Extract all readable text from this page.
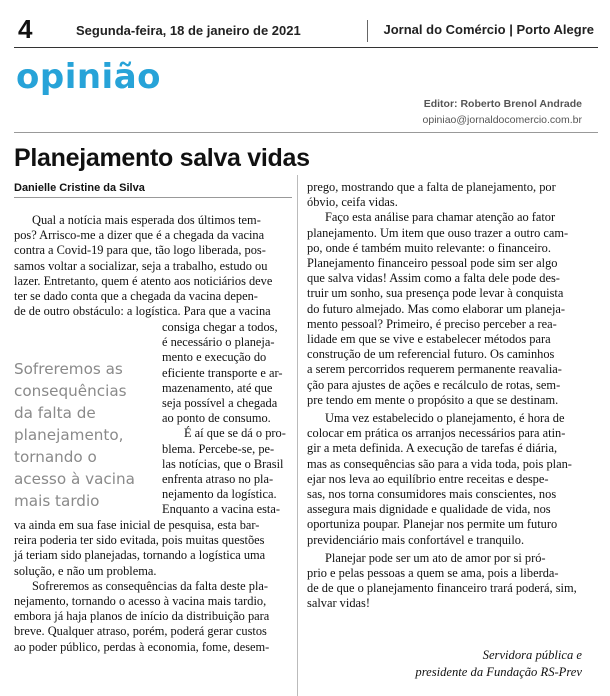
4	Segunda-feira, 18 de janeiro de 2021	Jornal do Comércio | Porto Alegre
opinião
Editor: Roberto Brenol Andrade
opiniao@jornaldocomercio.com.br
Planejamento salva vidas
Danielle Cristine da Silva
Qual a notícia mais esperada dos últimos tem-
pos? Arrisco-me a dizer que é a chegada da vacina
contra a Covid-19 para que, tão logo liberada, pos-
samos voltar a socializar, seja a trabalho, estudo ou
lazer. Entretanto, quem é atento aos noticiários deve
ter se dado conta que a chegada da vacina depen-
de de outro obstáculo: a logística. Para que a vacina
Sofreremos as consequências da falta de planejamento, tornando o acesso à vacina mais tardio
consiga chegar a todos,
é necessário o planeja-
mento e execução do
eficiente transporte e ar-
mazenamento, até que
seja possível a chegada
ao ponto de consumo.
É aí que se dá o pro-
blema. Percebe-se, pe-
las notícias, que o Brasil
enfrenta atraso no pla-
nejamento da logística.
Enquanto a vacina esta-
va ainda em sua fase inicial de pesquisa, esta bar-
reira poderia ter sido evitada, pois muitas questões
já teriam sido planejadas, tornando a logística uma
solução, e não um problema.
Sofreremos as consequências da falta deste pla-
nejamento, tornando o acesso à vacina mais tardio,
embora já haja planos de início da distribuição para
breve. Qualquer atraso, porém, poderá gerar custos
ao poder público, perdas à economia, fome, desem-
prego, mostrando que a falta de planejamento, por
óbvio, ceifa vidas.
Faço esta análise para chamar atenção ao fator
planejamento. Um item que ouso trazer a outro cam-
po, onde é também muito relevante: o financeiro.
Planejamento financeiro pessoal pode sim ser algo
que salva vidas! Assim como a falta dele pode des-
truir um sonho, sua presença pode levar à conquista
do futuro almejado. Mas como elaborar um planeja-
mento pessoal? Primeiro, é preciso perceber a rea-
lidade em que se vive e estabelecer métodos para
construção de um referencial futuro. Os caminhos
a serem percorridos requerem permanente reavalia-
ção para ajustes de ações e recálculo de rotas, sem-
pre tendo em mente o propósito a que se destinam.
Uma vez estabelecido o planejamento, é hora de
colocar em prática os arranjos necessários para atin-
gir a meta definida. A execução de tarefas é diária,
mas as consequências são para a vida toda, pois plan-
ejar nos leva ao equilíbrio entre receitas e despe-
sas, nos torna consumidores mais conscientes, nos
assegura mais dignidade e qualidade de vida, nos
oportuniza poupar. Planejar nos permite um futuro
previdenciário mais confortável e tranquilo.
Planejar pode ser um ato de amor por si pró-
prio e pelas pessoas a quem se ama, pois a liberda-
de de que o planejamento financeiro trará poderá, sim,
salvar vidas!
Servidora pública e
presidente da Fundação RS-Prev
